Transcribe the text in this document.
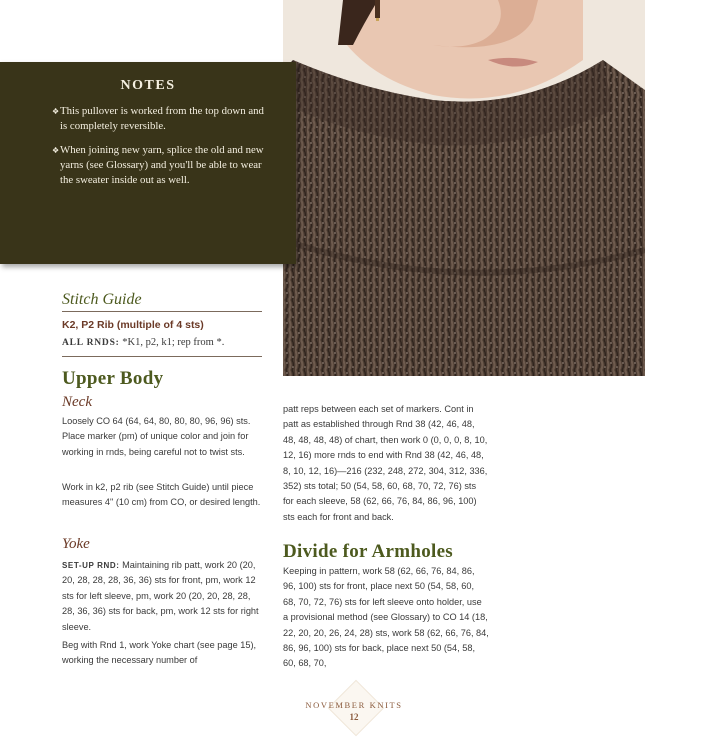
NOTES
❖ This pullover is worked from the top down and is completely reversible.
❖ When joining new yarn, splice the old and new yarns (see Glossary) and you'll be able to wear the sweater inside out as well.
Stitch Guide
K2, P2 Rib (multiple of 4 sts)
ALL RNDS: *K1, p2, k1; rep from *.
Upper Body
Neck
Loosely CO 64 (64, 64, 80, 80, 80, 96, 96) sts. Place marker (pm) of unique color and join for working in rnds, being careful not to twist sts.
Work in k2, p2 rib (see Stitch Guide) until piece measures 4" (10 cm) from CO, or desired length.
Yoke
SET-UP RND: Maintaining rib patt, work 20 (20, 20, 28, 28, 28, 36, 36) sts for front, pm, work 12 sts for left sleeve, pm, work 20 (20, 20, 28, 28, 28, 36, 36) sts for back, pm, work 12 sts for right sleeve.
Beg with Rnd 1, work Yoke chart (see page 15), working the necessary number of
patt reps between each set of markers. Cont in patt as established through Rnd 38 (42, 46, 48, 48, 48, 48, 48) of chart, then work 0 (0, 0, 0, 8, 10, 12, 16) more rnds to end with Rnd 38 (42, 46, 48, 8, 10, 12, 16)—216 (232, 248, 272, 304, 312, 336, 352) sts total; 50 (54, 58, 60, 68, 70, 72, 76) sts for each sleeve, 58 (62, 66, 76, 84, 86, 96, 100) sts each for front and back.
Divide for Armholes
Keeping in pattern, work 58 (62, 66, 76, 84, 86, 96, 100) sts for front, place next 50 (54, 58, 60, 68, 70, 72, 76) sts for left sleeve onto holder, use a provisional method (see Glossary) to CO 14 (18, 22, 20, 20, 26, 24, 28) sts, work 58 (62, 66, 76, 84, 86, 96, 100) sts for back, place next 50 (54, 58, 60, 68, 70,
NOVEMBER KNITS
12
